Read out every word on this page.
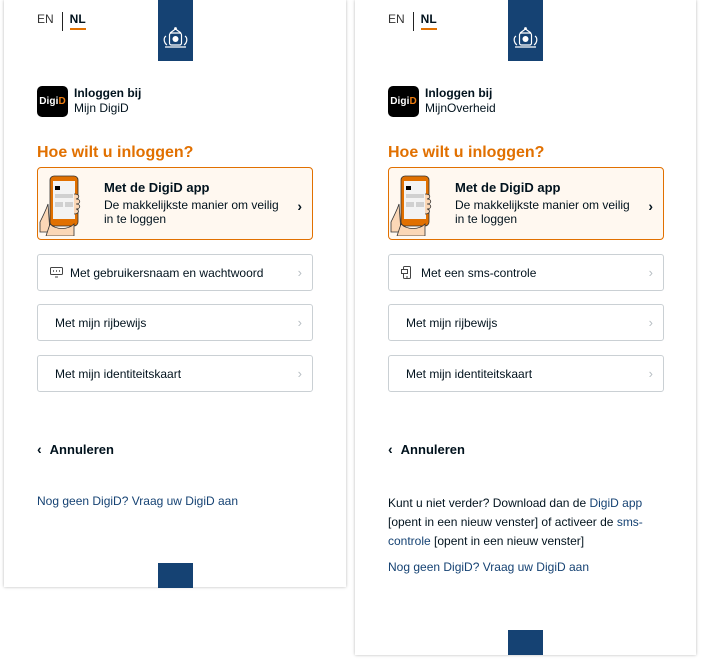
EN	NL
Digi D
Inloggen bij
Mijn DigiD
Hoe wilt u inloggen?
Met de DigiD app
De makkelijkste manier om veilig in te loggen
›
Met gebruikersnaam en wachtwoord	›
Met mijn rijbewijs	›
Met mijn identiteitskaart	›
‹ Annuleren
Nog geen DigiD? Vraag uw DigiD aan
EN	NL
Digi D
Inloggen bij
MijnOverheid
Hoe wilt u inloggen?
Met de DigiD app
De makkelijkste manier om veilig in te loggen
›
Met een sms-controle	›
Met mijn rijbewijs	›
Met mijn identiteitskaart	›
‹ Annuleren
Kunt u niet verder? Download dan de DigiD app [opent in een nieuw venster] of activeer de sms-controle [opent in een nieuw venster]
Nog geen DigiD? Vraag uw DigiD aan
